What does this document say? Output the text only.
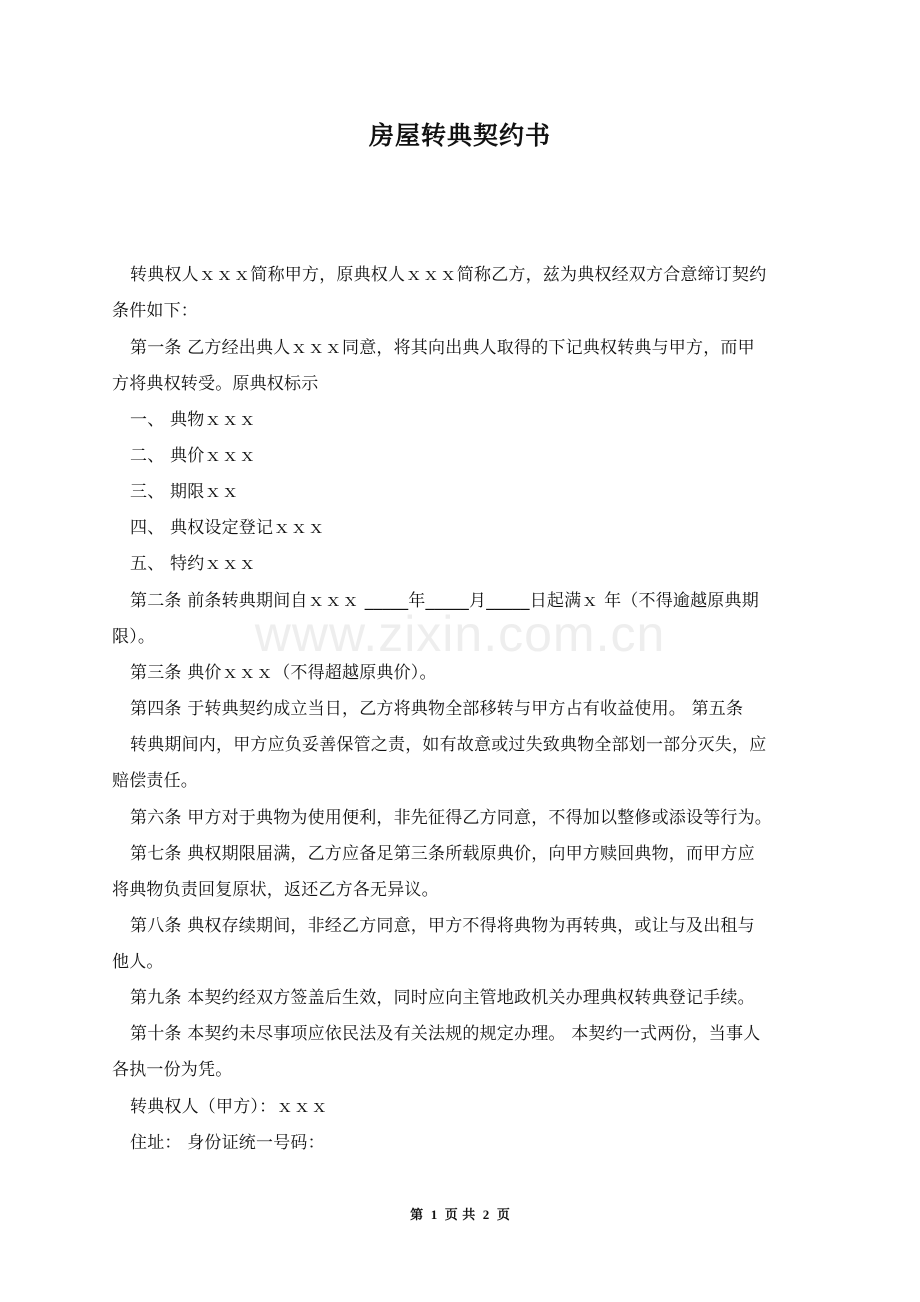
www.zixin.com.cn
房屋转典契约书
转典权人ｘｘｘ简称甲方，原典权人ｘｘｘ简称乙方，兹为典权经双方合意缔订契约
条件如下：
第一条 乙方经出典人ｘｘｘ同意，将其向出典人取得的下记典权转典与甲方，而甲
方将典权转受。原典权标示
一、 典物ｘｘｘ
二、 典价ｘｘｘ
三、 期限ｘｘ
四、 典权设定登记ｘｘｘ
五、 特约ｘｘｘ
第二条 前条转典期间自ｘｘｘ _____年_____月_____日起满ｘ 年（不得逾越原典期
限）。
第三条 典价ｘｘｘ（不得超越原典价）。
第四条 于转典契约成立当日，乙方将典物全部移转与甲方占有收益使用。 第五条
转典期间内，甲方应负妥善保管之责，如有故意或过失致典物全部划一部分灭失，应
赔偿责任。
第六条 甲方对于典物为使用便利，非先征得乙方同意，不得加以整修或添设等行为。
第七条 典权期限届满，乙方应备足第三条所载原典价，向甲方赎回典物，而甲方应
将典物负责回复原状，返还乙方各无异议。
第八条 典权存续期间，非经乙方同意，甲方不得将典物为再转典，或让与及出租与
他人。
第九条 本契约经双方签盖后生效，同时应向主管地政机关办理典权转典登记手续。
第十条 本契约未尽事项应依民法及有关法规的规定办理。 本契约一式两份，当事人
各执一份为凭。
转典权人（甲方）：ｘｘｘ
住址： 身份证统一号码：
第 1 页 共 2 页
